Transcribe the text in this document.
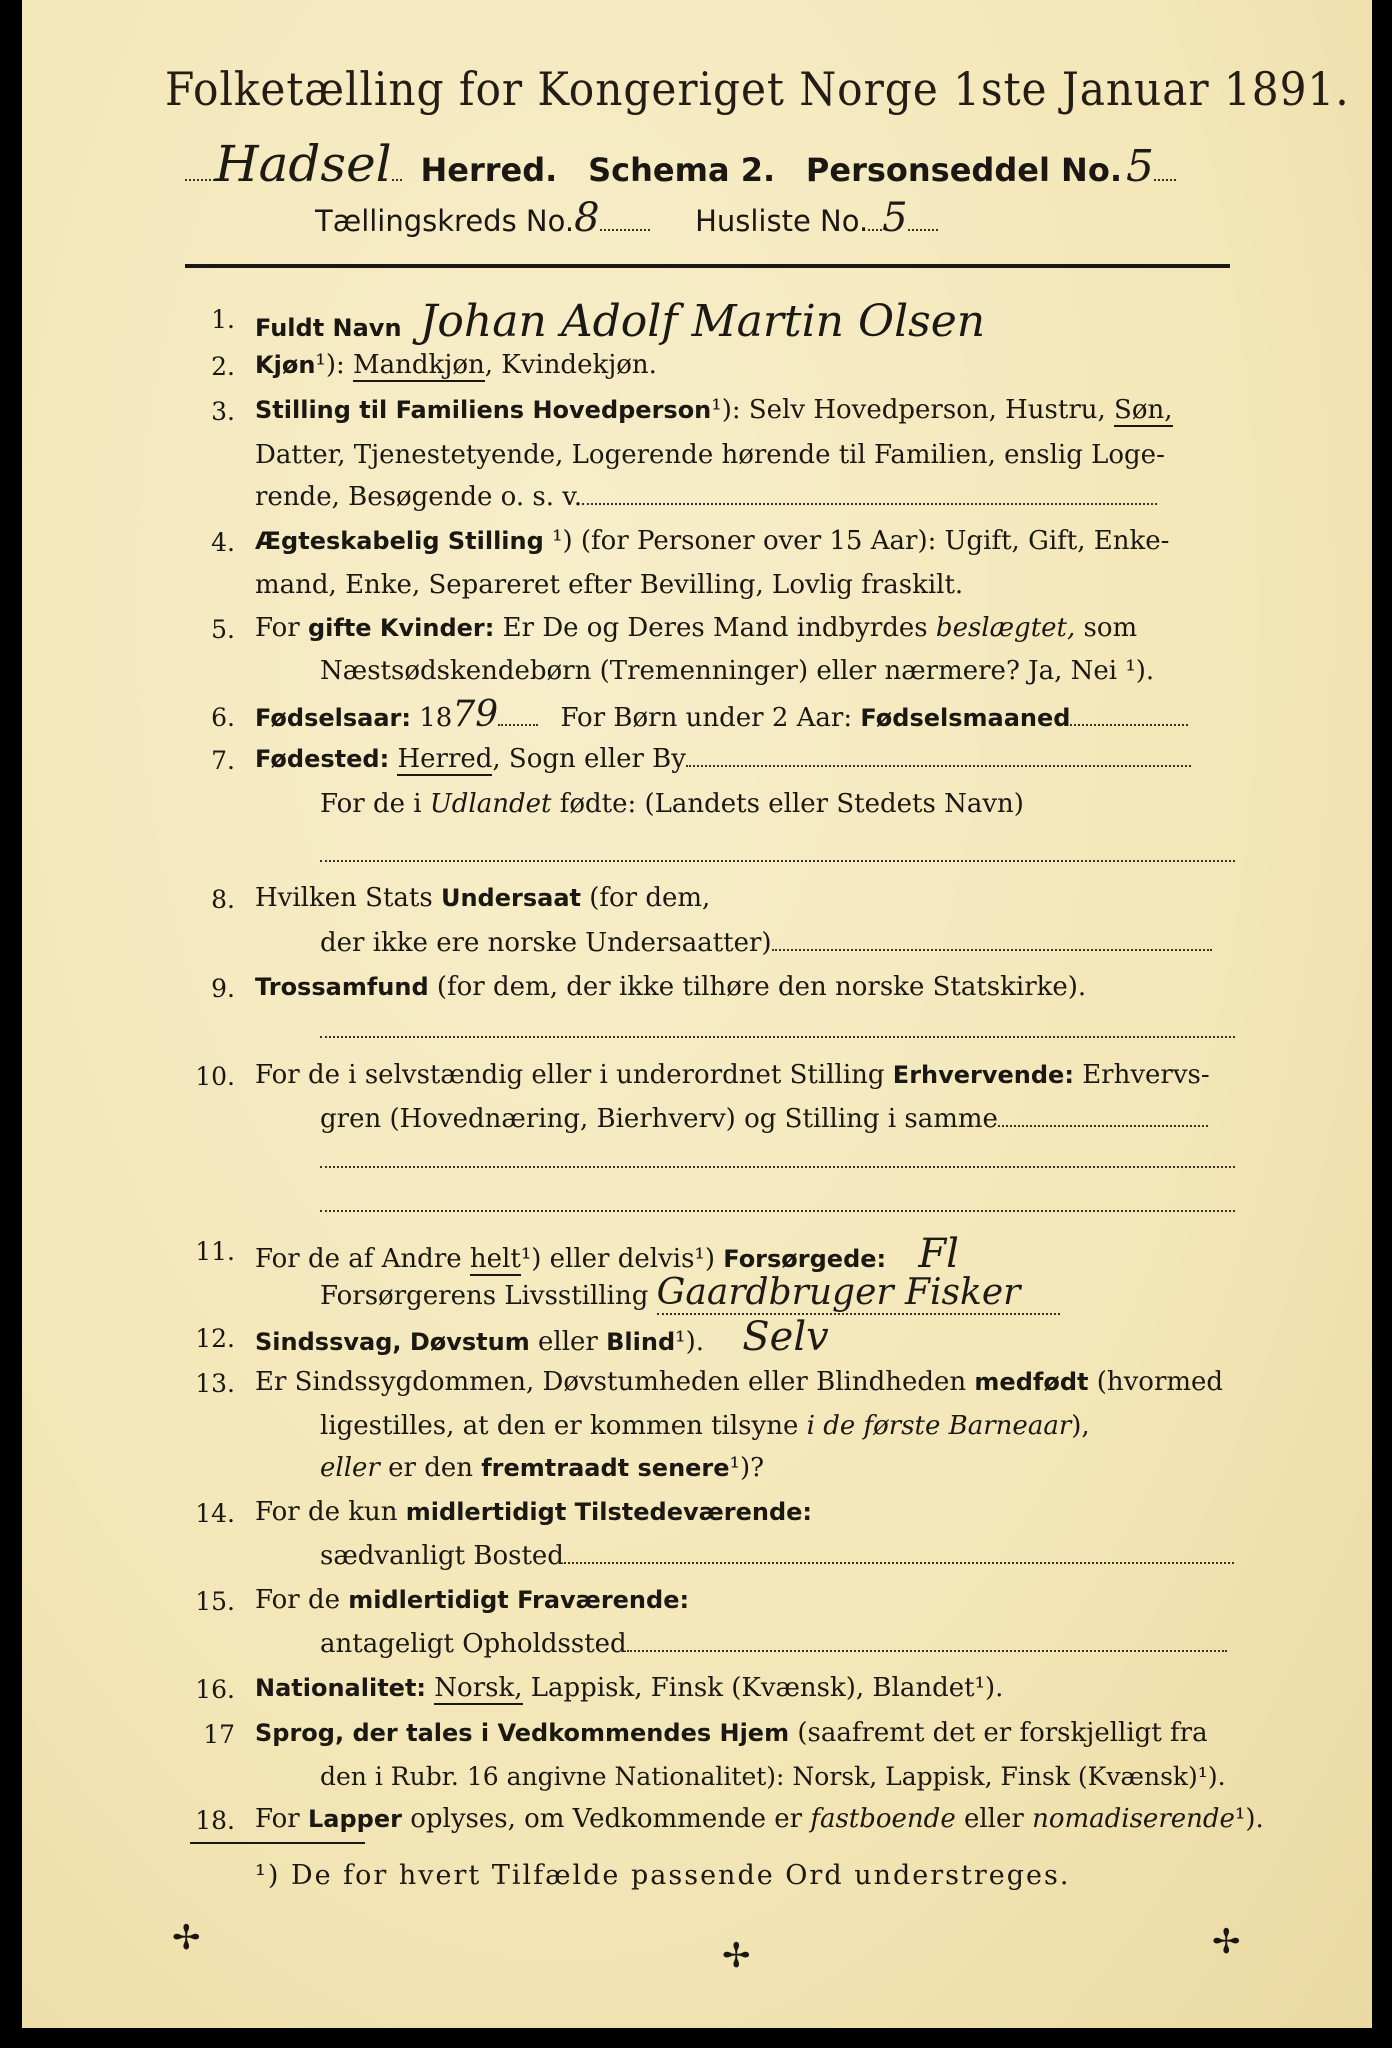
Folketælling for Kongeriget Norge 1ste Januar 1891.
Hadsel Herred. Schema 2. Personseddel No.5
Tællingskreds No.8	Husliste No. 5
1. Fuldt Navn Johan Adolf Martin Olsen
2. Kjøn¹): Mandkjøn, Kvindekjøn.
3. Stilling til Familiens Hovedperson¹): Selv Hovedperson, Hustru, Søn,
Datter, Tjenestetyende, Logerende hørende til Familien, enslig Loge-
rende, Besøgende o. s. v.
4. Ægteskabelig Stilling ¹) (for Personer over 15 Aar): Ugift, Gift, Enke-
mand, Enke, Separeret efter Bevilling, Lovlig fraskilt.
5. For gifte Kvinder: Er De og Deres Mand indbyrdes beslægtet, som
Næstsødskendebørn (Tremenninger) eller nærmere? Ja, Nei ¹).
6. Fødselsaar: 1879 For Børn under 2 Aar: Fødselsmaaned
7. Fødested: Herred, Sogn eller By
For de i Udlandet fødte: (Landets eller Stedets Navn)
8. Hvilken Stats Undersaat (for dem,
der ikke ere norske Undersaatter)
9. Trossamfund (for dem, der ikke tilhøre den norske Statskirke).
10. For de i selvstændig eller i underordnet Stilling Erhvervende: Erhvervs-
gren (Hovednæring, Bierhverv) og Stilling i samme
11. For de af Andre helt¹) eller delvis¹) Forsørgede: Fl
Forsørgerens Livsstilling Gaardbruger Fisker
12. Sindssvag, Døvstum eller Blind¹). Selv
13. Er Sindssygdommen, Døvstumheden eller Blindheden medfødt (hvormed
ligestilles, at den er kommen tilsyne i de første Barneaar),
eller er den fremtraadt senere¹)?
14. For de kun midlertidigt Tilstedeværende:
sædvanligt Bosted
15. For de midlertidigt Fraværende:
antageligt Opholdssted
16. Nationalitet: Norsk, Lappisk, Finsk (Kvænsk), Blandet¹).
17 Sprog, der tales i Vedkommendes Hjem (saafremt det er forskjelligt fra
den i Rubr. 16 angivne Nationalitet): Norsk, Lappisk, Finsk (Kvænsk)¹).
18. For Lapper oplyses, om Vedkommende er fastboende eller nomadiserende¹).
¹) De for hvert Tilfælde passende Ord understreges.
✢	✢	✢
